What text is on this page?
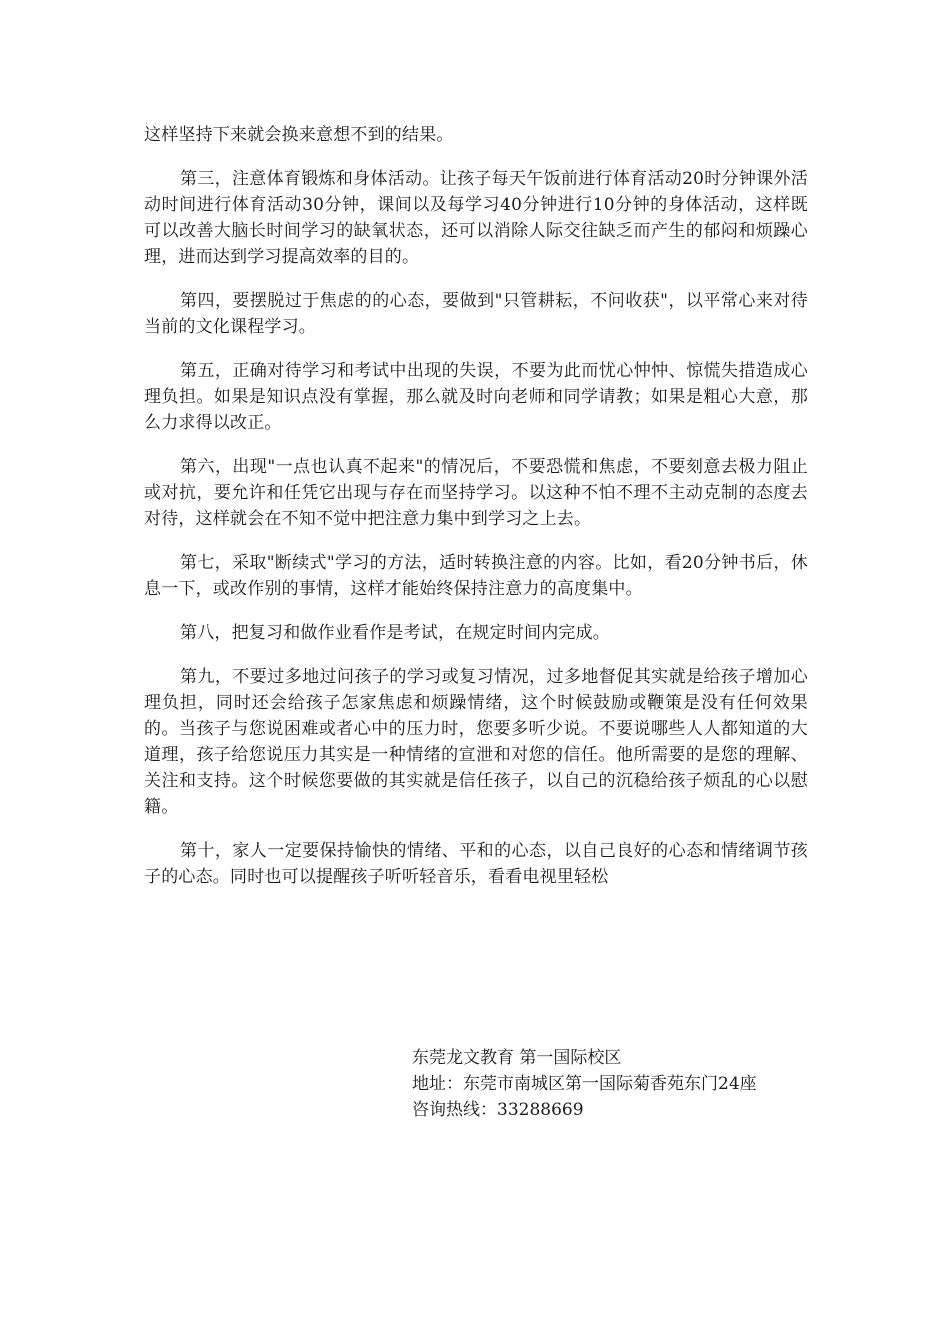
这样坚持下来就会换来意想不到的结果。

第三，注意体育锻炼和身体活动。让孩子每天午饭前进行体育活动20时分钟课外活动时间进行体育活动30分钟，课间以及每学习40分钟进行10分钟的身体活动，这样既可以改善大脑长时间学习的缺氧状态，还可以消除人际交往缺乏而产生的郁闷和烦躁心理，进而达到学习提高效率的目的。

第四，要摆脱过于焦虑的的心态，要做到"只管耕耘，不问收获"，以平常心来对待当前的文化课程学习。

第五，正确对待学习和考试中出现的失误，不要为此而忧心忡忡、惊慌失措造成心理负担。如果是知识点没有掌握，那么就及时向老师和同学请教；如果是粗心大意，那么力求得以改正。

第六，出现"一点也认真不起来"的情况后，不要恐慌和焦虑，不要刻意去极力阻止或对抗，要允许和任凭它出现与存在而坚持学习。以这种不怕不理不主动克制的态度去对待，这样就会在不知不觉中把注意力集中到学习之上去。

第七，采取"断续式"学习的方法，适时转换注意的内容。比如，看20分钟书后，休息一下，或改作别的事情，这样才能始终保持注意力的高度集中。

第八，把复习和做作业看作是考试，在规定时间内完成。

第九，不要过多地过问孩子的学习或复习情况，过多地督促其实就是给孩子增加心理负担，同时还会给孩子怎家焦虑和烦躁情绪，这个时候鼓励或鞭策是没有任何效果的。当孩子与您说困难或者心中的压力时，您要多听少说。不要说哪些人人都知道的大道理，孩子给您说压力其实是一种情绪的宣泄和对您的信任。他所需要的是您的理解、关注和支持。这个时候您要做的其实就是信任孩子，以自己的沉稳给孩子烦乱的心以慰籍。

第十，家人一定要保持愉快的情绪、平和的心态，以自己良好的心态和情绪调节孩子的心态。同时也可以提醒孩子听听轻音乐，看看电视里轻松

东莞龙文教育 第一国际校区
地址：东莞市南城区第一国际菊香苑东门24座
咨询热线：33288669
